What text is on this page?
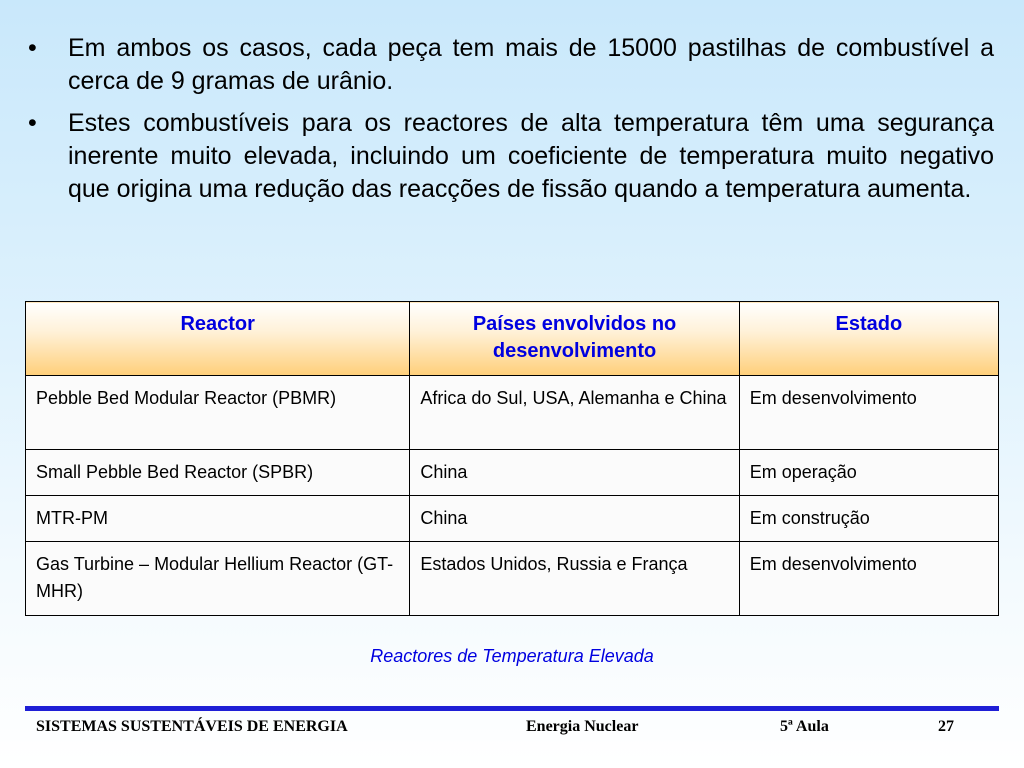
•	Em ambos os casos, cada peça tem mais de 15000 pastilhas de combustível a cerca de 9 gramas de urânio.
•	Estes combustíveis para os reactores de alta temperatura têm uma segurança inerente muito elevada, incluindo um coeficiente de temperatura muito negativo que origina uma redução das reacções de fissão quando a temperatura aumenta.
Reactor	Países envolvidos no desenvolvimento	Estado
Pebble Bed Modular Reactor (PBMR)	Africa do Sul, USA, Alemanha e China	Em desenvolvimento
Small Pebble Bed Reactor (SPBR)	China	Em operação
MTR-PM	China	Em construção
Gas Turbine – Modular Hellium Reactor (GT-MHR)	Estados Unidos, Russia e França	Em desenvolvimento
Reactores de Temperatura Elevada
SISTEMAS SUSTENTÁVEIS DE ENERGIA	Energia Nuclear	5ª Aula	27
